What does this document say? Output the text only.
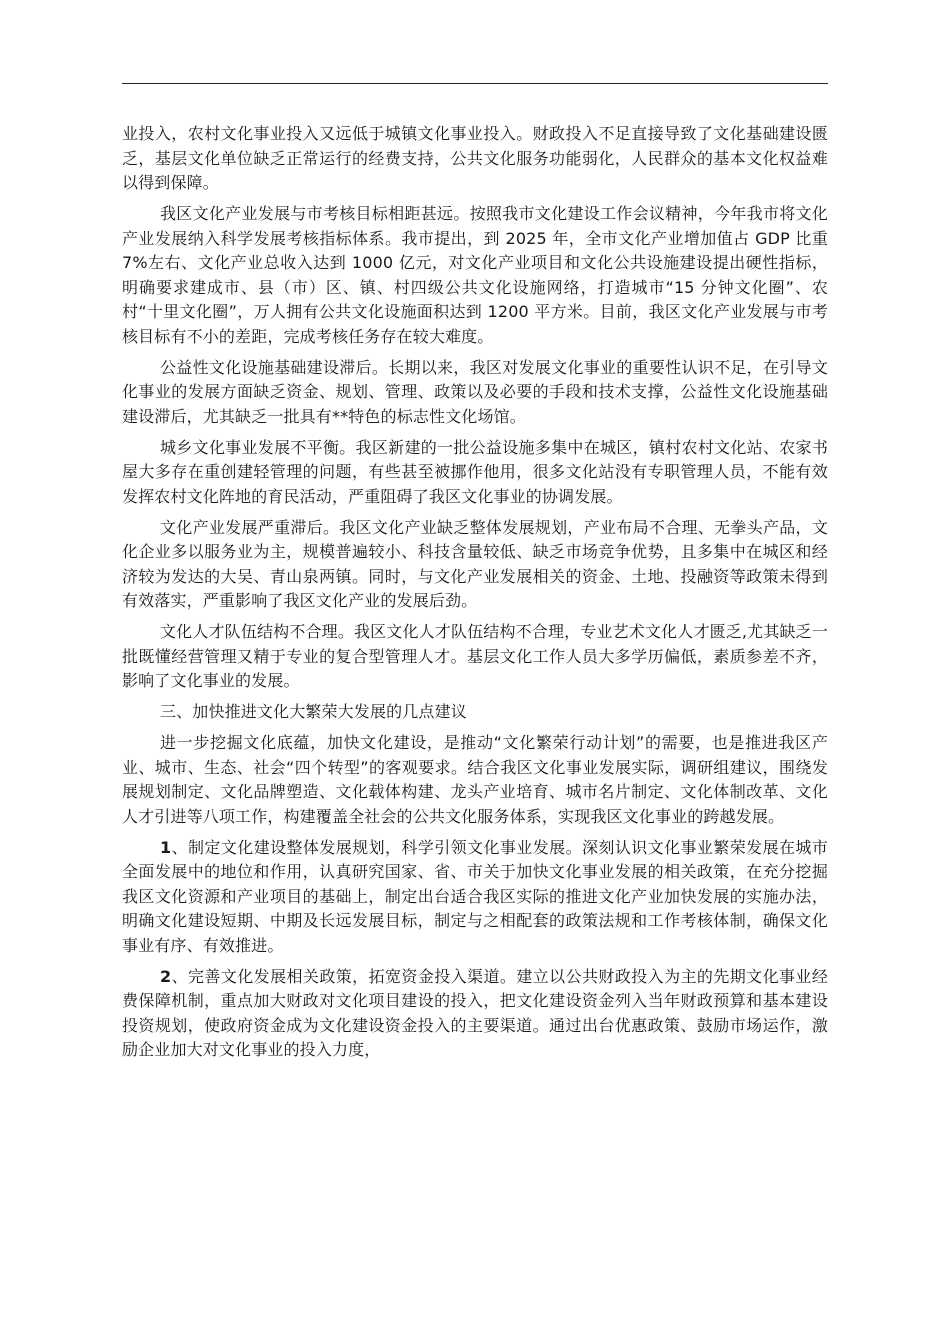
业投入，农村文化事业投入又远低于城镇文化事业投入。财政投入不足直接导致了文化基础建设匮乏，基层文化单位缺乏正常运行的经费支持，公共文化服务功能弱化，人民群众的基本文化权益难以得到保障。

我区文化产业发展与市考核目标相距甚远。按照我市文化建设工作会议精神，今年我市将文化产业发展纳入科学发展考核指标体系。我市提出，到 2025 年，全市文化产业增加值占 GDP 比重 7%左右、文化产业总收入达到 1000 亿元，对文化产业项目和文化公共设施建设提出硬性指标，明确要求建成市、县（市）区、镇、村四级公共文化设施网络，打造城市“15 分钟文化圈”、农村“十里文化圈”，万人拥有公共文化设施面积达到 1200 平方米。目前，我区文化产业发展与市考核目标有不小的差距，完成考核任务存在较大难度。

公益性文化设施基础建设滞后。长期以来，我区对发展文化事业的重要性认识不足，在引导文化事业的发展方面缺乏资金、规划、管理、政策以及必要的手段和技术支撑，公益性文化设施基础建设滞后，尤其缺乏一批具有**特色的标志性文化场馆。

城乡文化事业发展不平衡。我区新建的一批公益设施多集中在城区，镇村农村文化站、农家书屋大多存在重创建轻管理的问题，有些甚至被挪作他用，很多文化站没有专职管理人员，不能有效发挥农村文化阵地的育民活动，严重阻碍了我区文化事业的协调发展。

文化产业发展严重滞后。我区文化产业缺乏整体发展规划，产业布局不合理、无拳头产品，文化企业多以服务业为主，规模普遍较小、科技含量较低、缺乏市场竞争优势，且多集中在城区和经济较为发达的大吴、青山泉两镇。同时，与文化产业发展相关的资金、土地、投融资等政策未得到有效落实，严重影响了我区文化产业的发展后劲。

文化人才队伍结构不合理。我区文化人才队伍结构不合理，专业艺术文化人才匮乏,尤其缺乏一批既懂经营管理又精于专业的复合型管理人才。基层文化工作人员大多学历偏低，素质参差不齐，影响了文化事业的发展。

三、加快推进文化大繁荣大发展的几点建议

进一步挖掘文化底蕴，加快文化建设，是推动“文化繁荣行动计划”的需要，也是推进我区产业、城市、生态、社会“四个转型”的客观要求。结合我区文化事业发展实际，调研组建议，围绕发展规划制定、文化品牌塑造、文化载体构建、龙头产业培育、城市名片制定、文化体制改革、文化人才引进等八项工作，构建覆盖全社会的公共文化服务体系，实现我区文化事业的跨越发展。

1、制定文化建设整体发展规划，科学引领文化事业发展。深刻认识文化事业繁荣发展在城市全面发展中的地位和作用，认真研究国家、省、市关于加快文化事业发展的相关政策，在充分挖掘我区文化资源和产业项目的基础上，制定出台适合我区实际的推进文化产业加快发展的实施办法，明确文化建设短期、中期及长远发展目标，制定与之相配套的政策法规和工作考核体制，确保文化事业有序、有效推进。

2、完善文化发展相关政策，拓宽资金投入渠道。建立以公共财政投入为主的先期文化事业经费保障机制，重点加大财政对文化项目建设的投入，把文化建设资金列入当年财政预算和基本建设投资规划，使政府资金成为文化建设资金投入的主要渠道。通过出台优惠政策、鼓励市场运作，激励企业加大对文化事业的投入力度，
